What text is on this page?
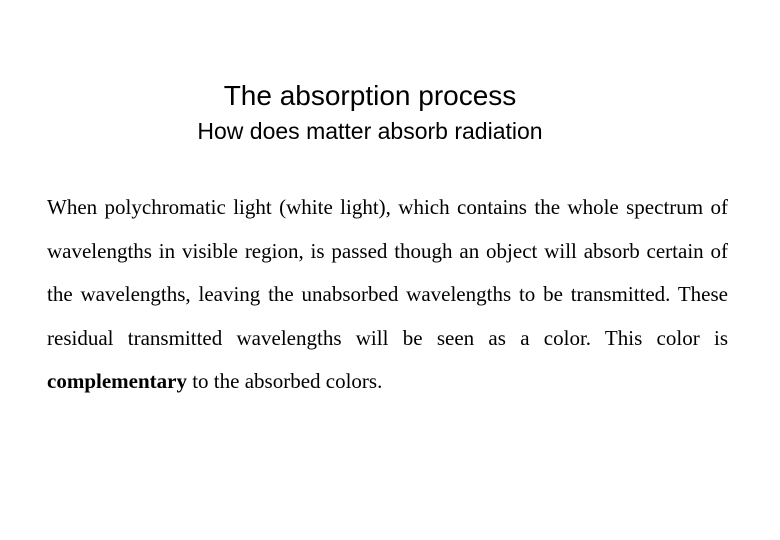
The absorption process
How does matter absorb radiation

When polychromatic light (white light), which contains the whole spectrum of wavelengths in visible region, is passed though an object will absorb certain of the wavelengths, leaving the unabsorbed wavelengths to be transmitted. These residual transmitted wavelengths will be seen as a color. This color is complementary to the absorbed colors.
